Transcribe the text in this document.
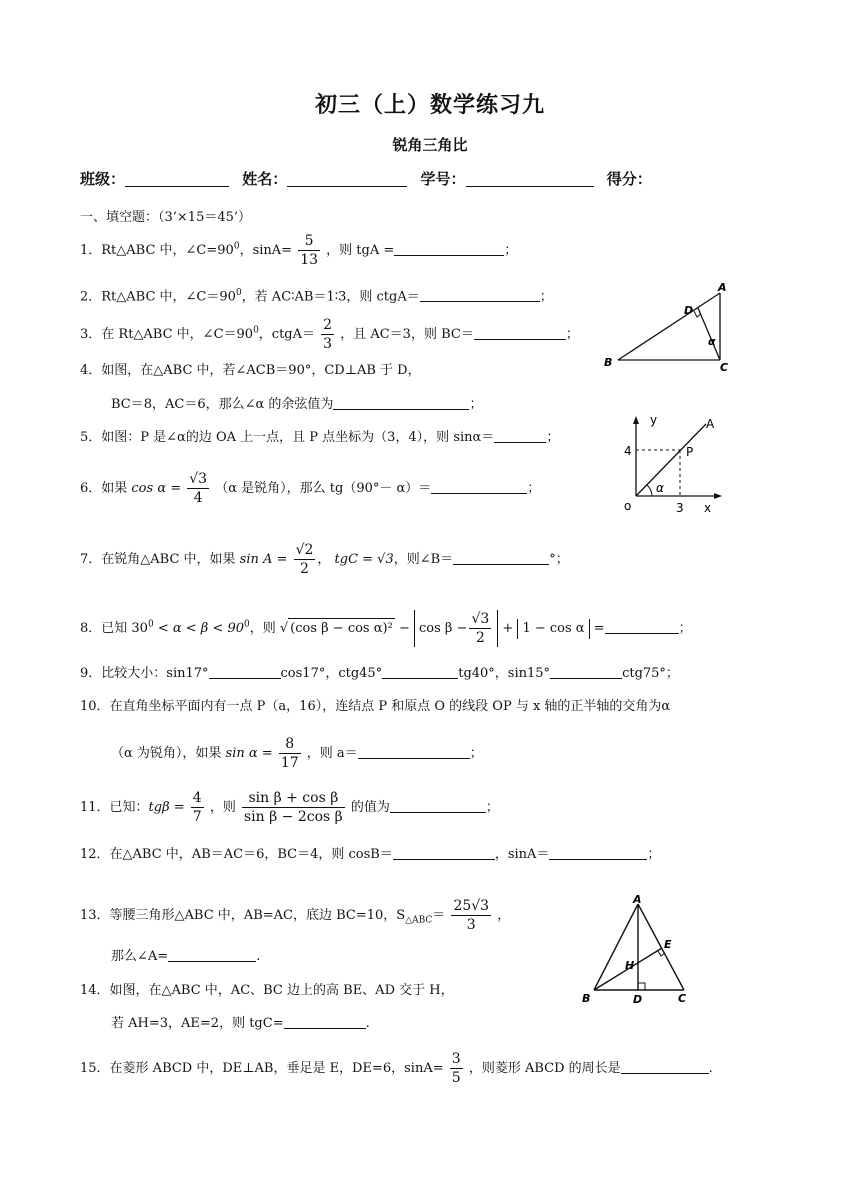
初三（上）数学练习九
锐角三角比
班级：	姓名：	学号：	得分：
一、填空题：（3’×15＝45’）
1．Rt△ABC 中，$\angle C=90^0$，$\sin A= \frac{5}{13}$ ，则 tgA =	；
2．Rt△ABC 中，$\angle C=90^0$，若 AC∶AB＝1∶3，则 ctgA＝	；
3．在 Rt△ABC 中，$\angle C=90^0$，ctgA＝ $\frac{2}{3}$ ，且 AC＝3，则 BC＝	；
4．如图，在△ABC 中，若∠ACB＝90°，CD⊥AB 于 D，
BC＝8，AC＝6，那么∠α 的余弦值为	；
5．如图：P 是∠α的边 OA 上一点，且 P 点坐标为（3，4），则 sinα＝	；
6．如果 $\cos \alpha = \frac{√3}{4} (\alpha$ 是锐角），那么 tg（90°－ α）＝	；
7．在锐角△ABC 中，如果 $\sin A = \frac{√2}{2}$ ， tgC = √3，则∠B＝	°；
8．已知 $30^0 < \alpha < \beta < 90^0$，则 √ (cos $\beta - \cos \alpha)^2 - \cos \beta - \frac{√3}{2} + 1 - \cos \alpha$ =	；
9．比较大小：sin17°	cos17°，ctg45°	tg40°，sin15°	ctg75°；
10．在直角坐标平面内有一点 P（a，16），连结点 P 和原点 O 的线段 OP 与 x 轴的正半轴的交角为α
（α 为锐角），如果 $\sin \alpha = \frac{8}{17}$ ，则 a＝	；
11．已知：$tg\beta = \frac{4}{7}$ ，则 $\frac{\text{sin β + cos β}}{\text{sin β − 2cos β}}$ 的值为	；
12．在△ABC 中，AB＝AC＝6，BC＝4，则 cosB＝	，sinA＝	；
13．等腰三角形△ABC 中，AB=AC，底边 BC=10，$S_{\triangle ABC}= \frac{25√3}{3}$ ，
那么∠A=	.
14．如图，在△ABC 中，AC、BC 边上的高 BE、AD 交于 H，
若 AH=3，AE=2，则 tgC=	.
15．在菱形 ABCD 中，DE⊥AB，垂足是 E，DE=6，$\sin A= \frac{3}{5}$ ，则菱形 ABCD 的周长是	.
A
B	C
D
α
y	A
P
4
α
o	3 x
A
B	C
D
E
H
